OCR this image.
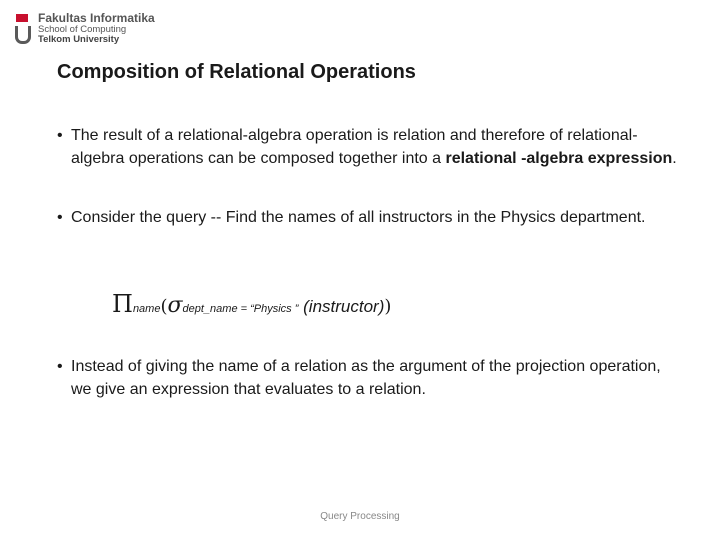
Fakultas Informatika
School of Computing
Telkom University
Composition of Relational Operations
• The result of a relational-algebra operation is relation and therefore of relational-algebra operations can be composed together into a relational -algebra expression.
• Consider the query -- Find the names of all instructors in the Physics department.
Πname(σdept_name = “Physics ” (instructor))
• Instead of giving the name of a relation as the argument of the projection operation, we give an expression that evaluates to a relation.
Query Processing
